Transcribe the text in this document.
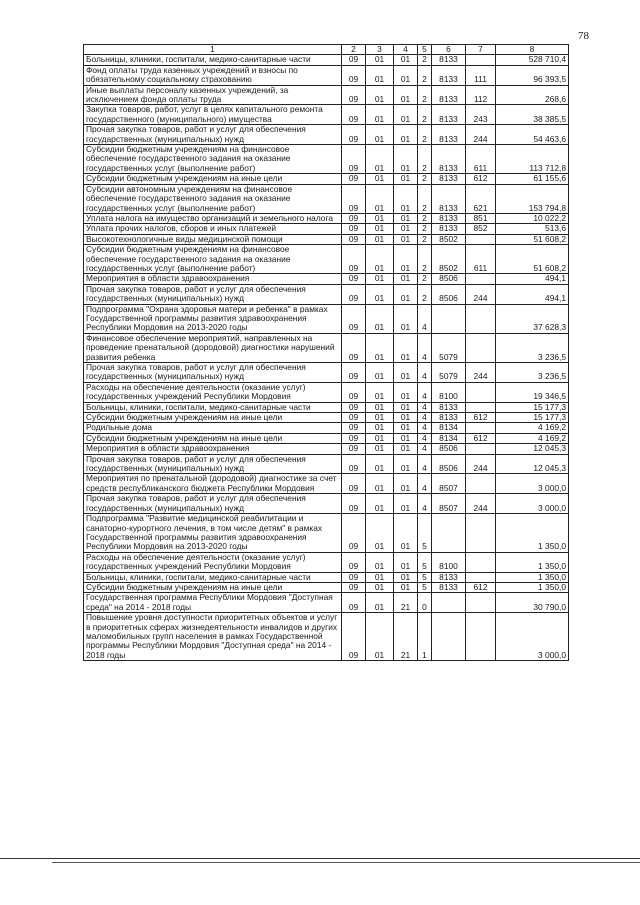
78
1	2	3	4	5	6	7	8
Больницы, клиники, госпитали, медико-санитарные части	09	01	01	2	8133		528 710,4
Фонд оплаты труда казенных учреждений и взносы по обязательному социальному страхованию	09	01	01	2	8133	111	96 393,5
Иные выплаты персоналу казенных учреждений, за исключением фонда оплаты труда	09	01	01	2	8133	112	268,6
Закупка товаров, работ, услуг в целях капитального ремонта государственного (муниципального) имущества	09	01	01	2	8133	243	38 385,5
Прочая закупка товаров, работ и услуг для обеспечения государственных (муниципальных) нужд	09	01	01	2	8133	244	54 463,6
Субсидии бюджетным учреждениям на финансовое обеспечение государственного задания на оказание государственных услуг (выполнение работ)	09	01	01	2	8133	611	113 712,8
Субсидии бюджетным учреждениям на иные цели	09	01	01	2	8133	612	61 155,6
Субсидии автономным учреждениям на финансовое обеспечение государственного задания на оказание государственных услуг (выполнение работ)	09	01	01	2	8133	621	153 794,8
Уплата налога на имущество организаций и земельного налога	09	01	01	2	8133	851	10 022,2
Уплата прочих налогов, сборов и иных платежей	09	01	01	2	8133	852	513,6
Высокотехнологичные виды медицинской помощи	09	01	01	2	8502		51 608,2
Субсидии бюджетным учреждениям на финансовое обеспечение государственного задания на оказание государственных услуг (выполнение работ)	09	01	01	2	8502	611	51 608,2
Мероприятия в области здравоохранения	09	01	01	2	8506		494,1
Прочая закупка товаров, работ и услуг для обеспечения государственных (муниципальных) нужд	09	01	01	2	8506	244	494,1
Подпрограмма "Охрана здоровья матери и ребенка" в рамках Государственной программы развития здравоохранения Республики Мордовия на 2013-2020 годы	09	01	01	4			37 628,3
Финансовое обеспечение мероприятий, направленных на проведение пренатальной (дородовой) диагностики нарушений развития ребенка	09	01	01	4	5079		3 236,5
Прочая закупка товаров, работ и услуг для обеспечения государственных (муниципальных) нужд	09	01	01	4	5079	244	3 236,5
Расходы на обеспечение деятельности (оказание услуг) государственных учреждений Республики Мордовия	09	01	01	4	8100		19 346,5
Больницы, клиники, госпитали, медико-санитарные части	09	01	01	4	8133		15 177,3
Субсидии бюджетным учреждениям на иные цели	09	01	01	4	8133	612	15 177,3
Родильные дома	09	01	01	4	8134		4 169,2
Субсидии бюджетным учреждениям на иные цели	09	01	01	4	8134	612	4 169,2
Мероприятия в области здравоохранения	09	01	01	4	8506		12 045,3
Прочая закупка товаров, работ и услуг для обеспечения государственных (муниципальных) нужд	09	01	01	4	8506	244	12 045,3
Мероприятия по пренатальной (дородовой) диагностике за счет средств республиканского бюджета Республики Мордовия	09	01	01	4	8507		3 000,0
Прочая закупка товаров, работ и услуг для обеспечения государственных (муниципальных) нужд	09	01	01	4	8507	244	3 000,0
Подпрограмма "Развитие медицинской реабилитации и санаторно-курортного лечения, в том числе детям" в рамках Государственной программы развития здравоохранения Республики Мордовия на 2013-2020 годы	09	01	01	5			1 350,0
Расходы на обеспечение деятельности (оказание услуг) государственных учреждений Республики Мордовия	09	01	01	5	8100		1 350,0
Больницы, клиники, госпитали, медико-санитарные части	09	01	01	5	8133		1 350,0
Субсидии бюджетным учреждениям на иные цели	09	01	01	5	8133	612	1 350,0
Государственная программа Республики Мордовия "Доступная среда" на 2014 - 2018 годы	09	01	21	0			30 790,0
Повышение уровня доступности приоритетных объектов и услуг в приоритетных сферах жизнедеятельности инвалидов и других маломобильных групп населения в рамках Государственной программы Республики Мордовия "Доступная среда" на 2014 - 2018 годы	09	01	21	1			3 000,0
